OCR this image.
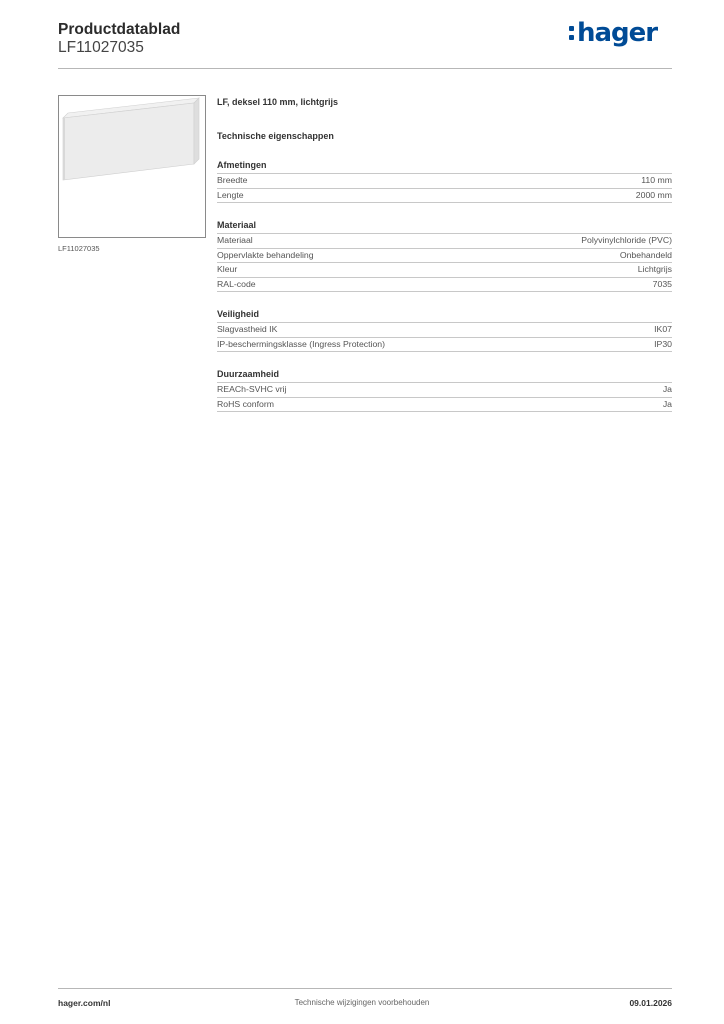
Productdatablad
LF11027035	hager
LF11027035
LF, deksel 110 mm, lichtgrijs
Technische eigenschappen
Afmetingen
Breedte	110 mm
Lengte	2000 mm
Materiaal
Materiaal	Polyvinylchloride (PVC)
Oppervlakte behandeling	Onbehandeld
Kleur	Lichtgrijs
RAL-code	7035
Veiligheid
Slagvastheid IK	IK07
IP-beschermingsklasse (Ingress Protection)	IP30
Duurzaamheid
REACh-SVHC vrij	Ja
RoHS conform	Ja
hager.com/nl	Technische wijzigingen voorbehouden	09.01.2026
